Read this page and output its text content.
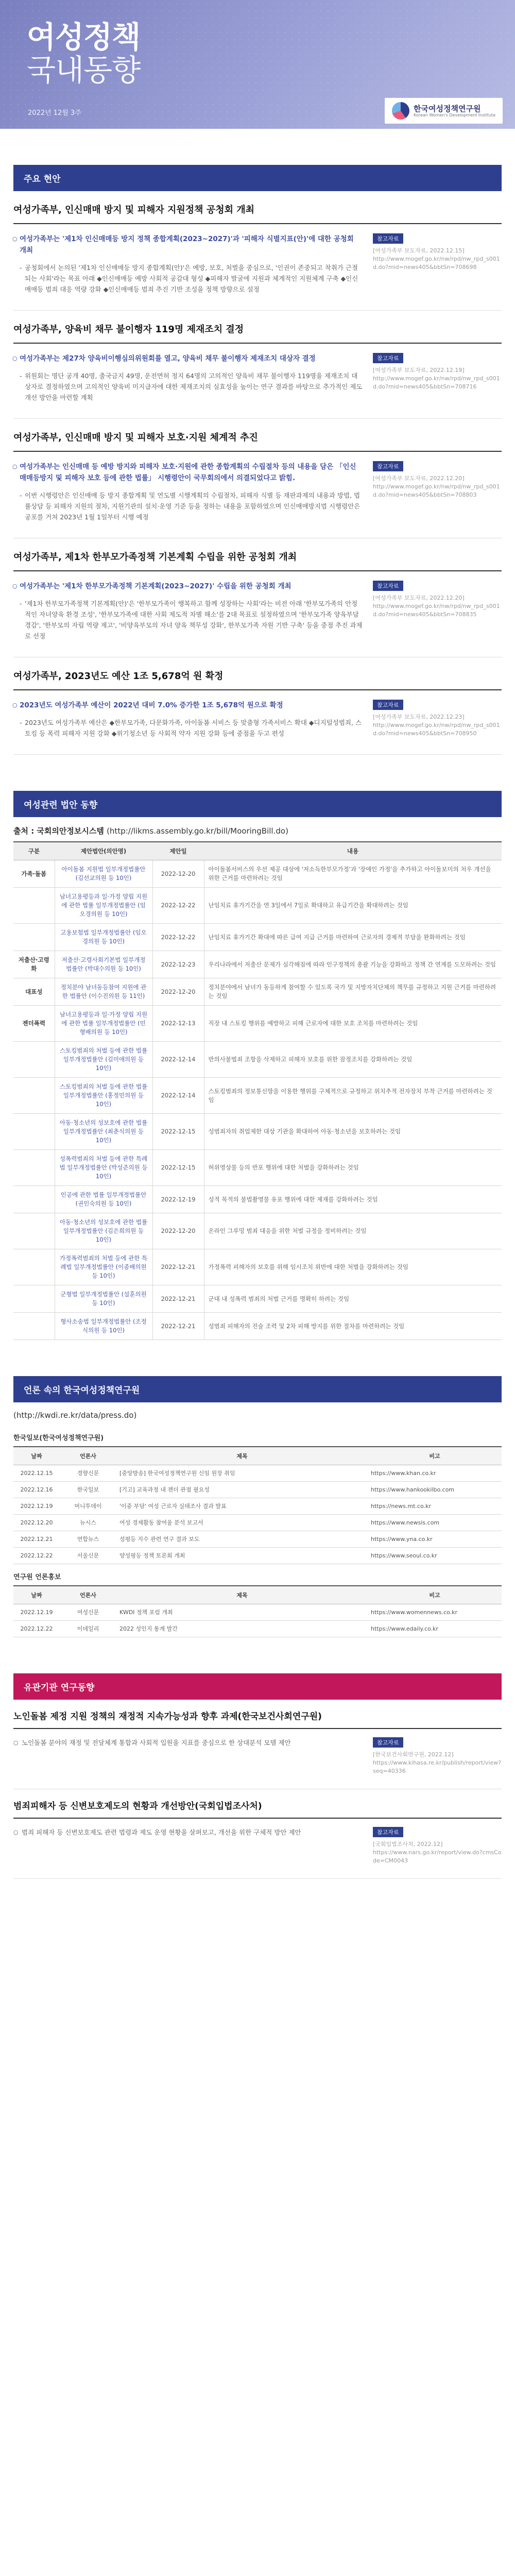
여성정책
국내동향
2022년 12월 3주	한국여성정책연구원
Korean Women's Development Institute
주요 현안
여성가족부, 인신매매 방지 및 피해자 지원정책 공청회 개최
○ 여성가족부는 '제1차 인신매매등 방지 정책 종합계획(2023~2027)'과 '피해자 식별지표(안)'에 대한 공청회 개최
- 공청회에서 논의된 '제1차 인신매매등 방지 종합계획(안)'은 예방, 보호, 처벌을 중심으로, '인권이 존중되고 착취가 근절되는 사회'라는 목표 아래 ◆인신매매등 예방 사회적 공감대 형성 ◆피해자 발굴에 지원과 체계적인 지원체계 구축 ◆인신매매등 범죄 대응 역량 강화 ◆인신매매등 범죄 추진 기반 조성을 정책 방향으로 설정
참고자료
[여성가족부 보도자료, 2022.12.15]
http://www.mogef.go.kr/nw/rpd/nw_rpd_s001d.do?mid=news405&bbtSn=708698
여성가족부, 양육비 채무 불이행자 119명 제재조치 결정
○ 여성가족부는 제27차 양육비이행심의위원회를 열고, 양육비 채무 불이행자 제재조치 대상자 결정
- 위원회는 명단 공개 40명, 출국금지 49명, 운전면허 정지 64명의 고의적인 양육비 채무 불이행자 119명을 제재조치 대상자로 결정하였으며 고의적인 양육비 미지급자에 대한 제재조치의 실효성을 높이는 연구 결과를 바탕으로 추가적인 제도 개선 방안을 마련할 계획
참고자료
[여성가족부 보도자료, 2022.12.19]
http://www.mogef.go.kr/nw/rpd/nw_rpd_s001d.do?mid=news405&bbtSn=708716
여성가족부, 인신매매 방지 및 피해자 보호·지원 체계적 추진
○ 여성가족부는 인신매매 등 예방 방지와 피해자 보호·지원에 관한 종합계획의 수립절차 등의 내용을 담은 「인신매매등방지 및 피해자 보호 등에 관한 법률」 시행령안이 국무회의에서 의결되었다고 밝힘.
- 이번 시행령안은 인신매매 등 방지 종합계획 및 연도별 시행계획의 수립절차, 피해자 식별 등 재판과제의 내용과 방법, 법률상담 등 피해자 지원의 절차, 지원기관의 설치·운영 기준 등을 정하는 내용을 포함하였으며 인신매매방지법 시행령안은 공포를 거쳐 2023년 1월 1일부터 시행 예정
참고자료
[여성가족부 보도자료, 2022.12.20]
http://www.mogef.go.kr/nw/rpd/nw_rpd_s001d.do?mid=news405&bbtSn=708803
여성가족부, 제1차 한부모가족정책 기본계획 수립을 위한 공청회 개최
○ 여성가족부는 '제1차 한부모가족정책 기본계획(2023~2027)' 수립을 위한 공청회 개최
- '제1차 한부모가족정책 기본계획(안)'은 '한부모가족이 행복하고 함께 성장하는 사회'라는 비전 아래 '한부모가족의 안정적인 자녀양육 환경 조성', '한부모가족에 대한 사회 제도적 차별 해소'를 2대 목표로 설정하였으며 '한부모가족 양육부담 경감', '한부모의 자립 역량 제고', '비양육부모의 자녀 양육 책무성 강화', 한부모가족 자원 기반 구축' 등을 중점 추진 과제로 선정
참고자료
[여성가족부 보도자료, 2022.12.20]
http://www.mogef.go.kr/nw/rpd/nw_rpd_s001d.do?mid=news405&bbtSn=708835
여성가족부, 2023년도 예산 1조 5,678억 원 확정
○ 2023년도 여성가족부 예산이 2022년 대비 7.0% 증가한 1조 5,678억 원으로 확정
- 2023년도 여성가족부 예산은 ◆한부모가족, 다문화가족, 아이돌봄 서비스 등 맞춤형 가족서비스 확대 ◆디지털성범죄, 스토킹 등 폭력 피해자 지원 강화 ◆위기청소년 등 사회적 약자 지원 강화 등에 중점을 두고 편성
참고자료
[여성가족부 보도자료, 2022.12.23]
http://www.mogef.go.kr/nw/rpd/nw_rpd_s001d.do?mid=news405&bbtSn=708950
여성관련 법안 동향
출처 : 국회의안정보시스템 (http://likms.assembly.go.kr/bill/MooringBill.do)
구분	제안법안(의안명)	제안일	내용
가족·돌봄	아이돌봄 지원법 일부개정법률안 (김선교의원 등 10인)	2022-12-20	아이돌봄서비스의 우선 제공 대상에 '저소득한부모가정'과 '장애인 가정'을 추가하고 아이돌보미의 처우 개선을 위한 근거를 마련하려는 것임
	남녀고용평등과 일·가정 양립 지원에 관한 법률 일부개정법률안 (임오경의원 등 10인)	2022-12-22	난임치료 휴가기간을 연 3일에서 7일로 확대하고 유급기간을 확대하려는 것임
	고용보험법 일부개정법률안 (임오경의원 등 10인)	2022-12-22	난임치료 휴가기간 확대에 따른 급여 지급 근거를 마련하여 근로자의 경제적 부담을 완화하려는 것임
저출산·고령화	저출산·고령사회기본법 일부개정법률안 (박대수의원 등 10인)	2022-12-23	우리나라에서 저출산 문제가 심각해짐에 따라 인구정책의 총괄 기능을 강화하고 정책 간 연계를 도모하려는 것임
대표성	정치분야 남녀동등참여 지원에 관한 법률안 (이수진의원 등 11인)	2022-12-20	정치분야에서 남녀가 동등하게 참여할 수 있도록 국가 및 지방자치단체의 책무를 규정하고 지원 근거를 마련하려는 것임
젠더폭력	남녀고용평등과 일·가정 양립 지원에 관한 법률 일부개정법률안 (민형배의원 등 10인)	2022-12-13	직장 내 스토킹 행위를 예방하고 피해 근로자에 대한 보호 조치를 마련하려는 것임
	스토킹범죄의 처벌 등에 관한 법률 일부개정법률안 (김미애의원 등 10인)	2022-12-14	반의사불벌죄 조항을 삭제하고 피해자 보호를 위한 잠정조치를 강화하려는 것임
	스토킹범죄의 처벌 등에 관한 법률 일부개정법률안 (홍정민의원 등 10인)	2022-12-14	스토킹범죄의 정보통신망을 이용한 행위를 구체적으로 규정하고 위치추적 전자장치 부착 근거를 마련하려는 것임
	아동·청소년의 성보호에 관한 법률 일부개정법률안 (최춘식의원 등 10인)	2022-12-15	성범죄자의 취업제한 대상 기관을 확대하여 아동·청소년을 보호하려는 것임
	성폭력범죄의 처벌 등에 관한 특례법 일부개정법률안 (박성준의원 등 10인)	2022-12-15	허위영상물 등의 반포 행위에 대한 처벌을 강화하려는 것임
	인공에 관한 법률 일부개정법률안 (권인숙의원 등 10인)	2022-12-19	성적 목적의 불법촬영물 유포 행위에 대한 제재를 강화하려는 것임
	아동·청소년의 성보호에 관한 법률 일부개정법률안 (김은희의원 등 10인)	2022-12-20	온라인 그루밍 범죄 대응을 위한 처벌 규정을 정비하려는 것임
	가정폭력범죄의 처벌 등에 관한 특례법 일부개정법률안 (이종배의원 등 10인)	2022-12-21	가정폭력 피해자의 보호를 위해 임시조치 위반에 대한 처벌을 강화하려는 것임
	군형법 일부개정법률안 (설훈의원 등 10인)	2022-12-21	군대 내 성폭력 범죄의 처벌 근거를 명확히 하려는 것임
	형사소송법 일부개정법률안 (조정식의원 등 10인)	2022-12-21	성범죄 피해자의 진술 조력 및 2차 피해 방지를 위한 절차를 마련하려는 것임
언론 속의 한국여성정책연구원
(http://kwdi.re.kr/data/press.do)
한국일보(한국여성정책연구원)
날짜	언론사	제목	비고
2022.12.15	경향신문	[중앙방송] 한국여성정책연구원 신임 원장 취임	https://www.khan.co.kr
2022.12.16	한국일보	[기고] 교육과정 내 젠더 관점 필요성	https://www.hankookilbo.com
2022.12.19	머니투데이	'이중 부담' 여성 근로자 실태조사 결과 발표	https://news.mt.co.kr
2022.12.20	뉴시스	여성 경제활동 참여율 분석 보고서	https://www.newsis.com
2022.12.21	연합뉴스	성평등 지수 관련 연구 결과 보도	https://www.yna.co.kr
2022.12.22	서울신문	양성평등 정책 토론회 개최	https://www.seoul.co.kr
연구원 언론홍보
날짜	언론사	제목	비고
2022.12.19	여성신문	KWDI 정책 포럼 개최	https://www.womennews.co.kr
2022.12.22	이데일리	2022 성인지 통계 발간	https://www.edaily.co.kr
유관기관 연구동향
노인돌봄 제정 지원 정책의 재정적 지속가능성과 향후 과제(한국보건사회연구원)
○ 노인돌봄 분야의 재정 및 전달체계 통합과 사회적 입원을 지표를 중심으로 한 상대분석 모델 제안	참고자료
[한국보건사회연구원, 2022.12]
https://www.kihasa.re.kr/publish/report/view?seq=40336
범죄피해자 등 신변보호제도의 현황과 개선방안(국회입법조사처)
○ 범죄 피해자 등 신변보호제도 관련 법령과 제도 운영 현황을 살펴보고, 개선을 위한 구체적 방안 제안	참고자료
[국회입법조사처, 2022.12]
https://www.nars.go.kr/report/view.do?cmsCode=CM0043
